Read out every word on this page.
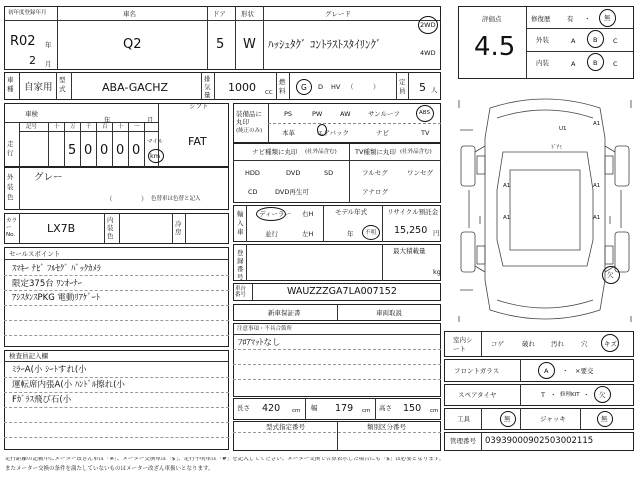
初年度登録年月	車名	ドア 形状	グレード
R02 年
2 月
Q2	5 W ﾊｯｼｭﾀｸﾞ ｺﾝﾄﾗｽﾄｽﾀｲﾘﾝｸﾞ
2WD
4WD
車種 自家用
型式	ABA-GACHZ
排気量
1000 CC
燃料	G D HV （　　　）
定員 5 人
評価点
4.5
修復歴	有 ・ 無
外装	A	B C
内装	A	B C
車検
年	月
シフト
FAT
走行
記号	十 万 千 百 十 一
5 0 0 0 0
マイル
km
外装色
グレー
（	） 色替車は色替と記入
カラーNo.	LX7B
内装色
冷房
セールスポイント
ｽﾏｷｰ ﾅﾋﾞ ﾌﾙｾｸﾞ ﾊﾞｯｸｶﾒﾗ
限定375台 ﾜﾝｵｰﾅｰ
ｱｼｽﾀﾝｽPKG 電動ﾘｱｹﾞｰﾄ
検査員記入欄
ﾐﾗｰA(小 ｼｰﾄすれ(小
運転席内張A(小 ﾊﾝﾄﾞﾙ擦れ(小
Fｶﾞﾗｽ飛び石(小
装備品に丸印
(純正のみ)
PS	PW	AW	サンルーフ	ABS
本革	エアバック	ナビ	TV
ナビ種類に丸印 (社外品含む)	TV種類に丸印 (社外品含む)
HDD	DVD	SD
CD	DVD再生可
フルセグ	ワンセグ
アナログ
輸入車
ディーラー
並行
右H
左H
モデル年式
年 不明
リサイクル預託金
15,250 円
登録番号
最大積載量
kg
車台番号	WAUZZZGA7LA007152
新車保証書	車両取説
注意事項・不具合箇所
ﾌﾛｱﾏｯﾄなし
長さ 420 cm 幅 179 cm 高さ 150 cm
型式指定番号	類別区分番号
U1
A1
A1	A1
A1
ﾄﾞｱﾐ
A1
欠
室内シート
コゲ	破れ 汚れ	穴	キズ
フロントガラス	A ・ ×要交
スペアタイヤ	T ・ 修理KIT ・ 欠
工具	無	ジャッキ	無
管理番号 0393900090250300​2115
走行距離の記載中にメーター改ざん車は「※」、メーター交換車は「$」、走行不明車は「#」を記入してください。メーター交換で合算表示した場合にも「$」は必要となります。
またメーター交換の条件を満たしていないものはメーター改ざん車扱いとなります。
